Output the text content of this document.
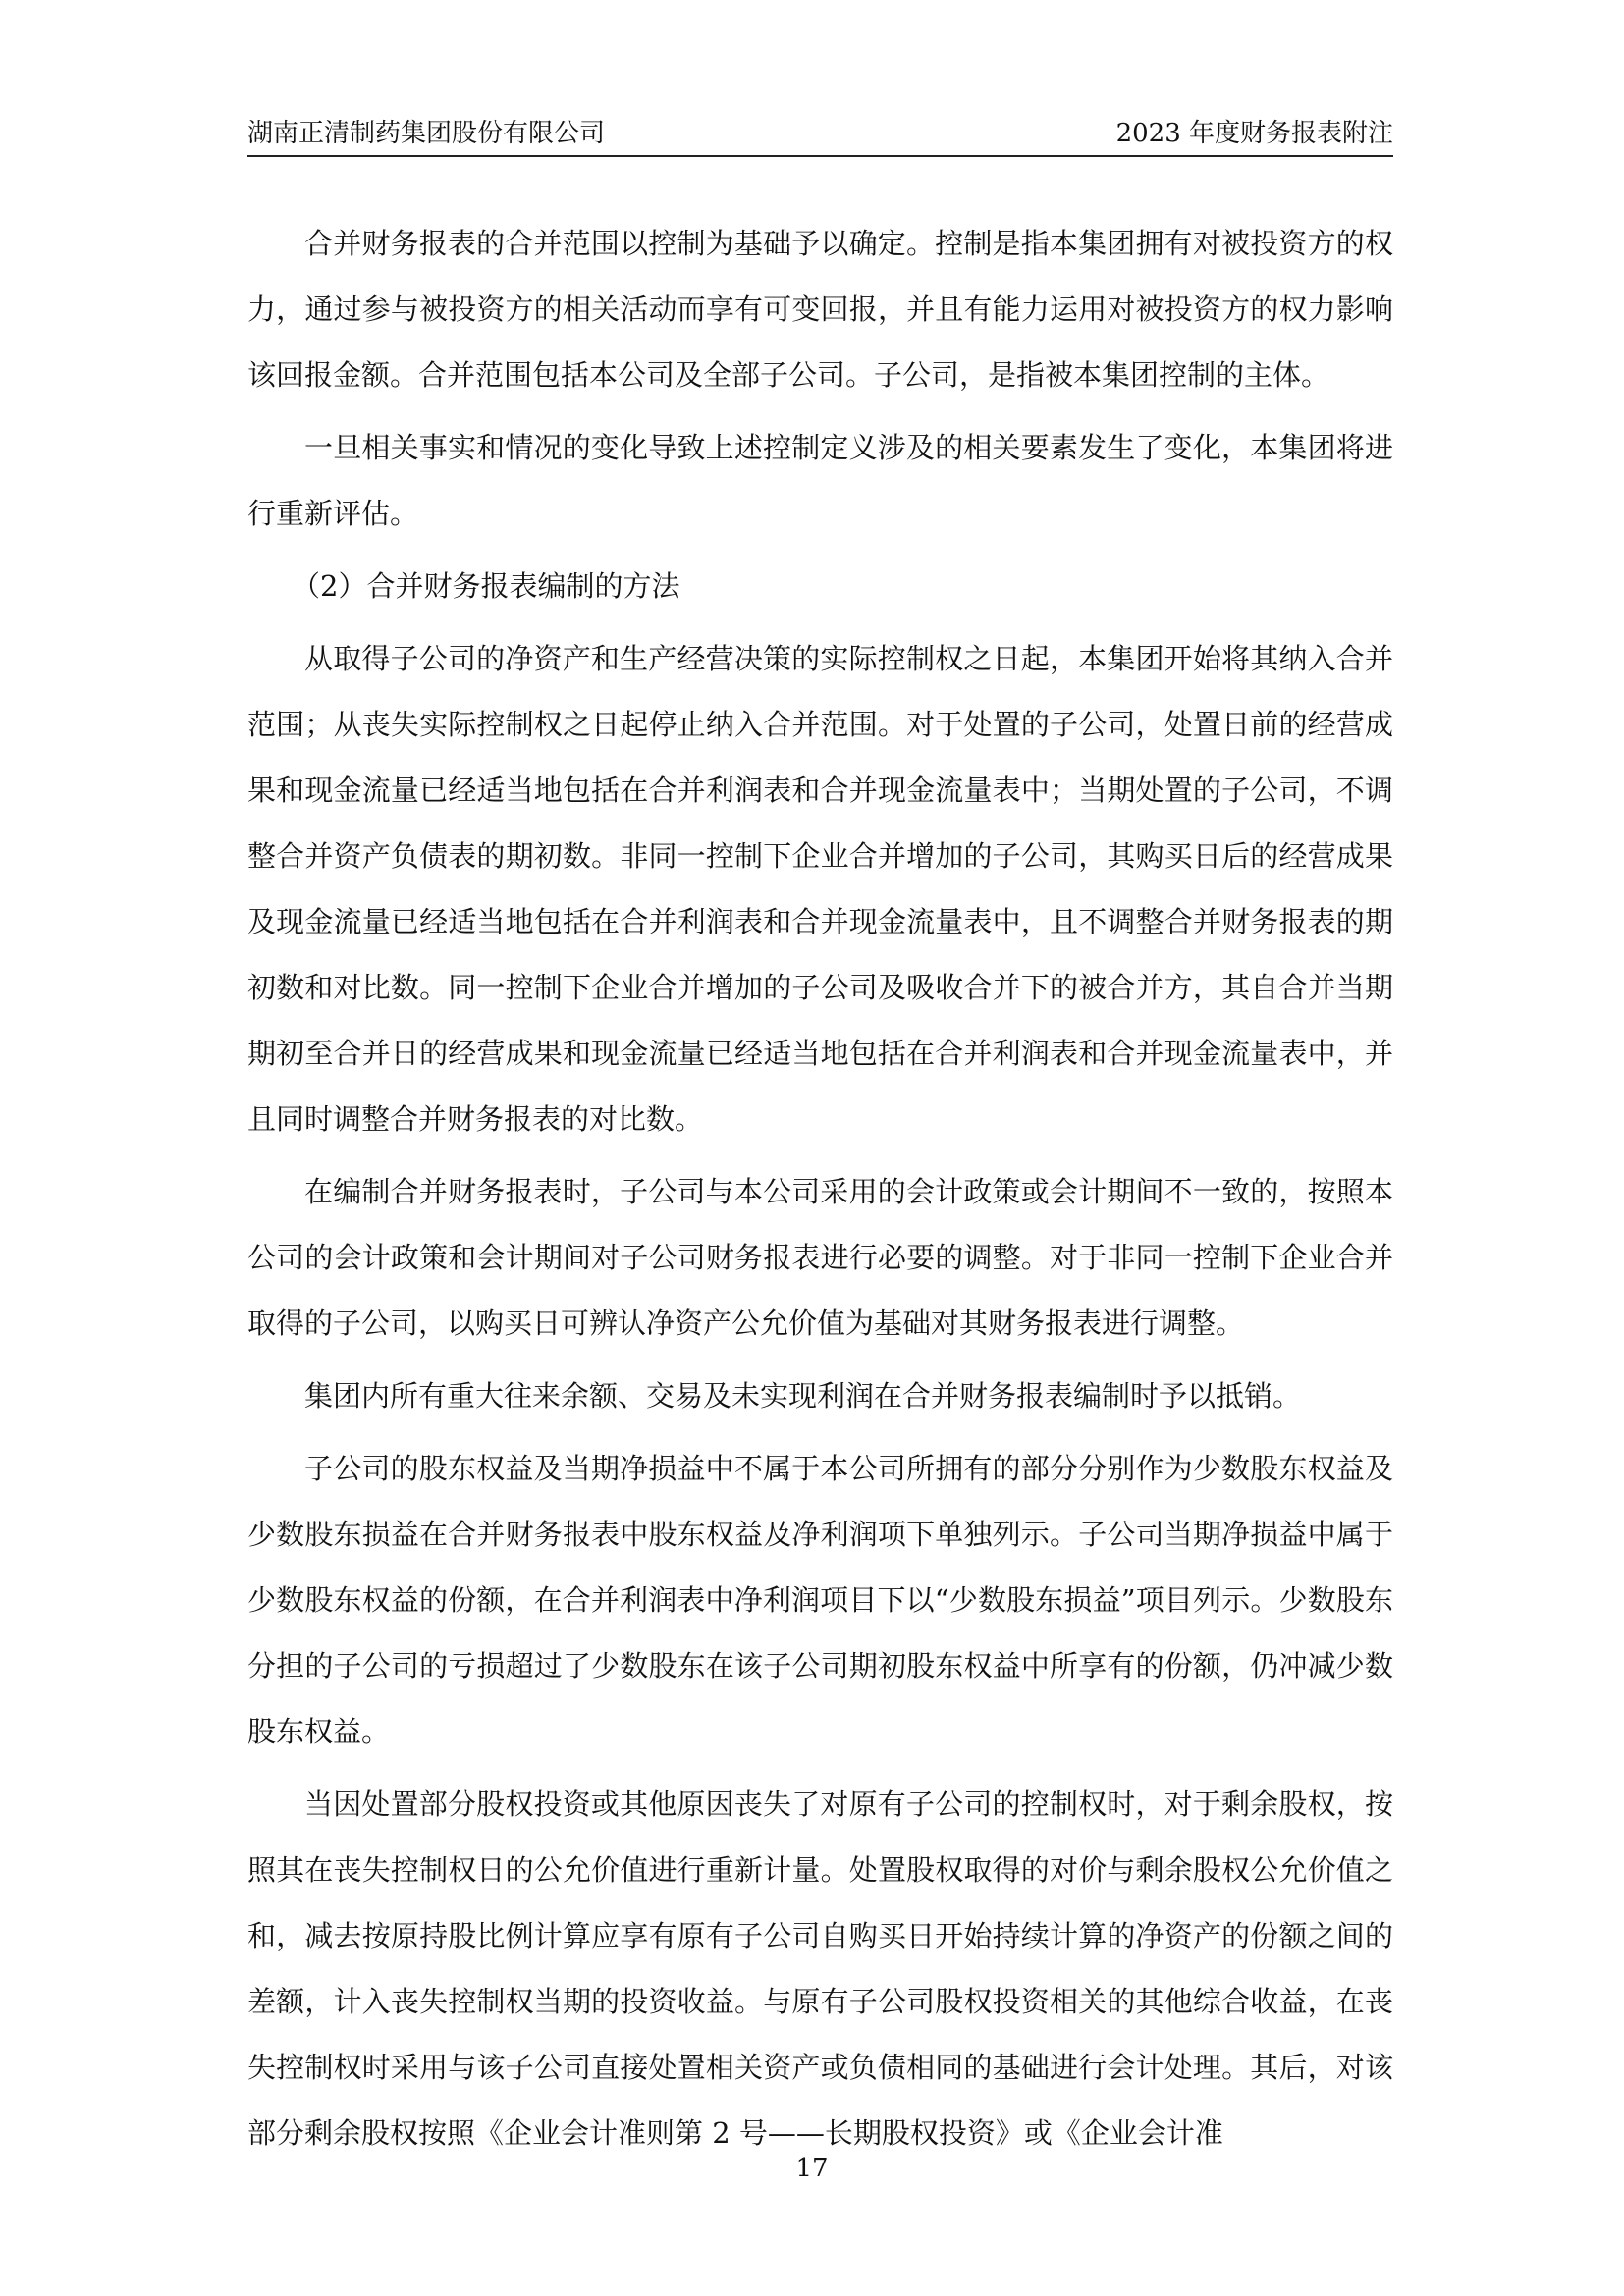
湖南正清制药集团股份有限公司	2023 年度财务报表附注

合并财务报表的合并范围以控制为基础予以确定。控制是指本集团拥有对被投资方的权力，通过参与被投资方的相关活动而享有可变回报，并且有能力运用对被投资方的权力影响该回报金额。合并范围包括本公司及全部子公司。子公司，是指被本集团控制的主体。

一旦相关事实和情况的变化导致上述控制定义涉及的相关要素发生了变化，本集团将进行重新评估。

（2）合并财务报表编制的方法

从取得子公司的净资产和生产经营决策的实际控制权之日起，本集团开始将其纳入合并范围；从丧失实际控制权之日起停止纳入合并范围。对于处置的子公司，处置日前的经营成果和现金流量已经适当地包括在合并利润表和合并现金流量表中；当期处置的子公司，不调整合并资产负债表的期初数。非同一控制下企业合并增加的子公司，其购买日后的经营成果及现金流量已经适当地包括在合并利润表和合并现金流量表中，且不调整合并财务报表的期初数和对比数。同一控制下企业合并增加的子公司及吸收合并下的被合并方，其自合并当期期初至合并日的经营成果和现金流量已经适当地包括在合并利润表和合并现金流量表中，并且同时调整合并财务报表的对比数。

在编制合并财务报表时，子公司与本公司采用的会计政策或会计期间不一致的，按照本公司的会计政策和会计期间对子公司财务报表进行必要的调整。对于非同一控制下企业合并取得的子公司，以购买日可辨认净资产公允价值为基础对其财务报表进行调整。

集团内所有重大往来余额、交易及未实现利润在合并财务报表编制时予以抵销。

子公司的股东权益及当期净损益中不属于本公司所拥有的部分分别作为少数股东权益及少数股东损益在合并财务报表中股东权益及净利润项下单独列示。子公司当期净损益中属于少数股东权益的份额，在合并利润表中净利润项目下以“少数股东损益”项目列示。少数股东分担的子公司的亏损超过了少数股东在该子公司期初股东权益中所享有的份额，仍冲减少数股东权益。

当因处置部分股权投资或其他原因丧失了对原有子公司的控制权时，对于剩余股权，按照其在丧失控制权日的公允价值进行重新计量。处置股权取得的对价与剩余股权公允价值之和，减去按原持股比例计算应享有原有子公司自购买日开始持续计算的净资产的份额之间的差额，计入丧失控制权当期的投资收益。与原有子公司股权投资相关的其他综合收益，在丧失控制权时采用与该子公司直接处置相关资产或负债相同的基础进行会计处理。其后，对该部分剩余股权按照《企业会计准则第 2 号——长期股权投资》或《企业会计准

17
